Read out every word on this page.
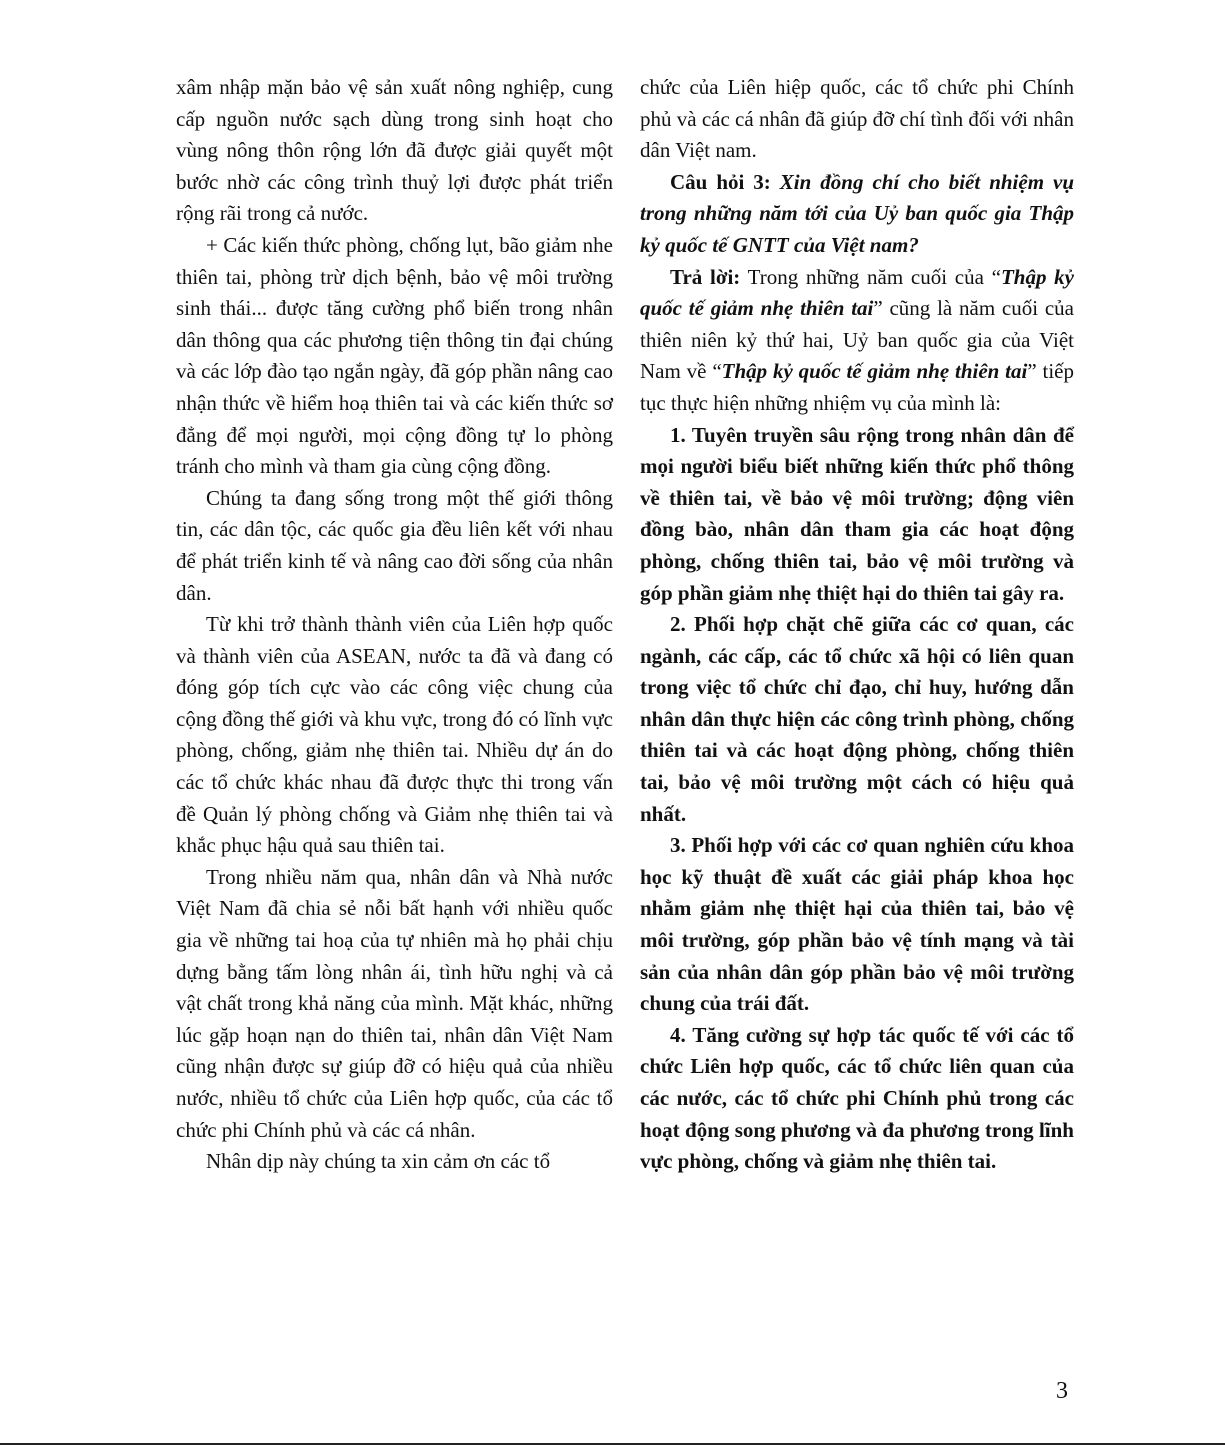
xâm nhập mặn bảo vệ sản xuất nông nghiệp, cung cấp nguồn nước sạch dùng trong sinh hoạt cho vùng nông thôn rộng lớn đã được giải quyết một bước nhờ các công trình thuỷ lợi được phát triển rộng rãi trong cả nước.

+ Các kiến thức phòng, chống lụt, bão giảm nhe thiên tai, phòng trừ dịch bệnh, bảo vệ môi trường sinh thái... được tăng cường phổ biến trong nhân dân thông qua các phương tiện thông tin đại chúng và các lớp đào tạo ngắn ngày, đã góp phần nâng cao nhận thức về hiểm hoạ thiên tai và các kiến thức sơ đẳng để mọi người, mọi cộng đồng tự lo phòng tránh cho mình và tham gia cùng cộng đồng.

Chúng ta đang sống trong một thế giới thông tin, các dân tộc, các quốc gia đều liên kết với nhau để phát triển kinh tế và nâng cao đời sống của nhân dân.

Từ khi trở thành thành viên của Liên hợp quốc và thành viên của ASEAN, nước ta đã và đang có đóng góp tích cực vào các công việc chung của cộng đồng thế giới và khu vực, trong đó có lĩnh vực phòng, chống, giảm nhẹ thiên tai. Nhiều dự án do các tổ chức khác nhau đã được thực thi trong vấn đề Quản lý phòng chống và Giảm nhẹ thiên tai và khắc phục hậu quả sau thiên tai.

Trong nhiều năm qua, nhân dân và Nhà nước Việt Nam đã chia sẻ nỗi bất hạnh với nhiều quốc gia về những tai hoạ của tự nhiên mà họ phải chịu dựng bằng tấm lòng nhân ái, tình hữu nghị và cả vật chất trong khả năng của mình. Mặt khác, những lúc gặp hoạn nạn do thiên tai, nhân dân Việt Nam cũng nhận được sự giúp đỡ có hiệu quả của nhiều nước, nhiều tổ chức của Liên hợp quốc, của các tổ chức phi Chính phủ và các cá nhân.

Nhân dịp này chúng ta xin cảm ơn các tổ

chức của Liên hiệp quốc, các tổ chức phi Chính phủ và các cá nhân đã giúp đỡ chí tình đối với nhân dân Việt nam.

Câu hỏi 3: Xin đồng chí cho biết nhiệm vụ trong những năm tới của Uỷ ban quốc gia Thập kỷ quốc tế GNTT của Việt nam?

Trả lời: Trong những năm cuối của “Thập kỷ quốc tế giảm nhẹ thiên tai” cũng là năm cuối của thiên niên kỷ thứ hai, Uỷ ban quốc gia của Việt Nam về “Thập kỷ quốc tế giảm nhẹ thiên tai” tiếp tục thực hiện những nhiệm vụ của mình là:

1. Tuyên truyền sâu rộng trong nhân dân để mọi người biểu biết những kiến thức phổ thông về thiên tai, về bảo vệ môi trường; động viên đồng bào, nhân dân tham gia các hoạt động phòng, chống thiên tai, bảo vệ môi trường và góp phần giảm nhẹ thiệt hại do thiên tai gây ra.

2. Phối hợp chặt chẽ giữa các cơ quan, các ngành, các cấp, các tổ chức xã hội có liên quan trong việc tổ chức chỉ đạo, chỉ huy, hướng dẫn nhân dân thực hiện các công trình phòng, chống thiên tai và các hoạt động phòng, chống thiên tai, bảo vệ môi trường một cách có hiệu quả nhất.

3. Phối hợp với các cơ quan nghiên cứu khoa học kỹ thuật đề xuất các giải pháp khoa học nhằm giảm nhẹ thiệt hại của thiên tai, bảo vệ môi trường, góp phần bảo vệ tính mạng và tài sản của nhân dân góp phần bảo vệ môi trường chung của trái đất.

4. Tăng cường sự hợp tác quốc tế với các tổ chức Liên hợp quốc, các tổ chức liên quan của các nước, các tổ chức phi Chính phủ trong các hoạt động song phương và đa phương trong lĩnh vực phòng, chống và giảm nhẹ thiên tai.

3
